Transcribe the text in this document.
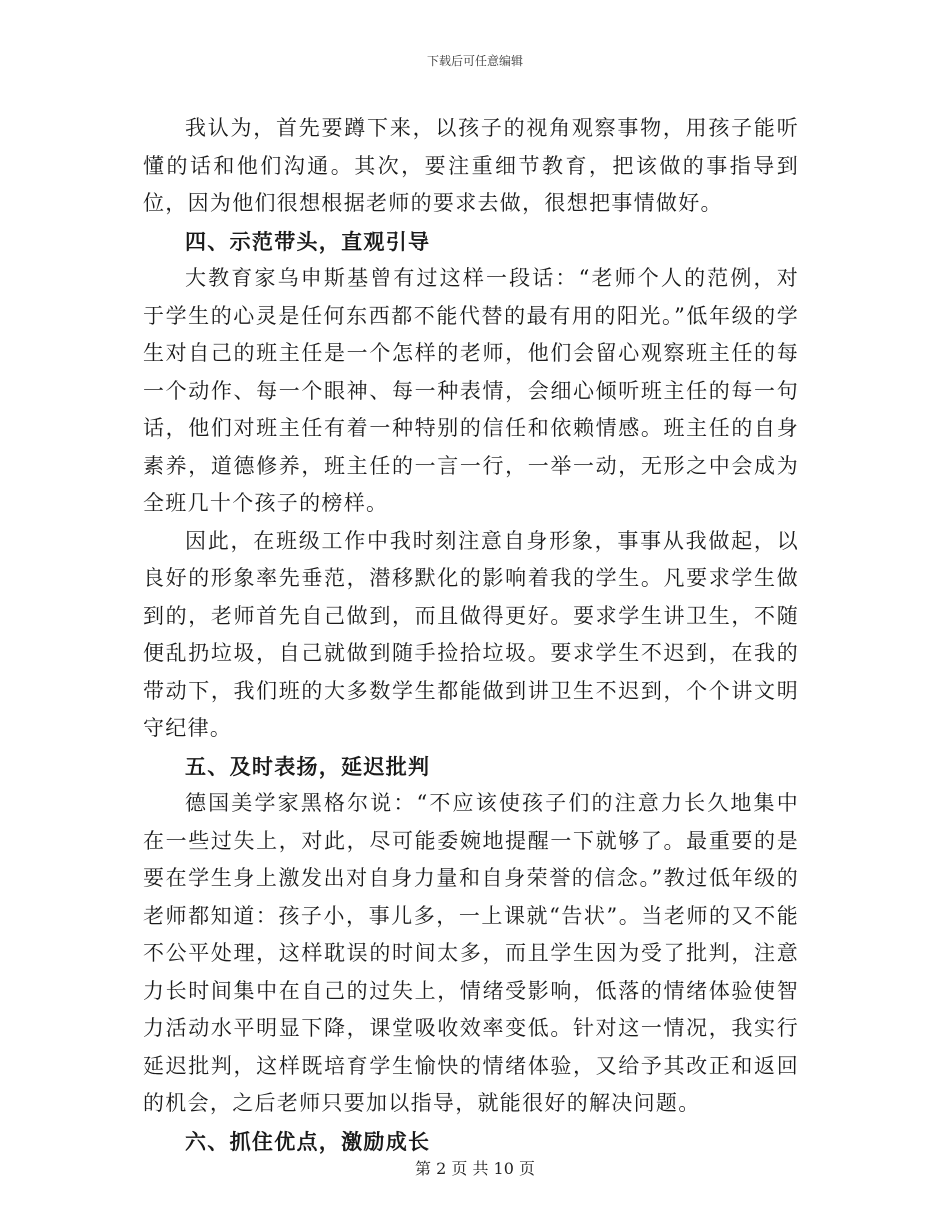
下载后可任意编辑

我认为，首先要蹲下来，以孩子的视角观察事物，用孩子能听懂的话和他们沟通。其次，要注重细节教育，把该做的事指导到位，因为他们很想根据老师的要求去做，很想把事情做好。

四、示范带头，直观引导

大教育家乌申斯基曾有过这样一段话：“老师个人的范例，对于学生的心灵是任何东西都不能代替的最有用的阳光。”低年级的学生对自己的班主任是一个怎样的老师，他们会留心观察班主任的每一个动作、每一个眼神、每一种表情，会细心倾听班主任的每一句话，他们对班主任有着一种特别的信任和依赖情感。班主任的自身素养，道德修养，班主任的一言一行，一举一动，无形之中会成为全班几十个孩子的榜样。

因此，在班级工作中我时刻注意自身形象，事事从我做起，以良好的形象率先垂范，潜移默化的影响着我的学生。凡要求学生做到的，老师首先自己做到，而且做得更好。要求学生讲卫生，不随便乱扔垃圾，自己就做到随手捡拾垃圾。要求学生不迟到，在我的带动下，我们班的大多数学生都能做到讲卫生不迟到，个个讲文明守纪律。

五、及时表扬，延迟批判

德国美学家黑格尔说：“不应该使孩子们的注意力长久地集中在一些过失上，对此，尽可能委婉地提醒一下就够了。最重要的是要在学生身上激发出对自身力量和自身荣誉的信念。”教过低年级的老师都知道：孩子小，事儿多，一上课就“告状”。当老师的又不能不公平处理，这样耽误的时间太多，而且学生因为受了批判，注意力长时间集中在自己的过失上，情绪受影响，低落的情绪体验使智力活动水平明显下降，课堂吸收效率变低。针对这一情况，我实行延迟批判，这样既培育学生愉快的情绪体验，又给予其改正和返回的机会，之后老师只要加以指导，就能很好的解决问题。

六、抓住优点，激励成长

第 2 页 共 10 页
